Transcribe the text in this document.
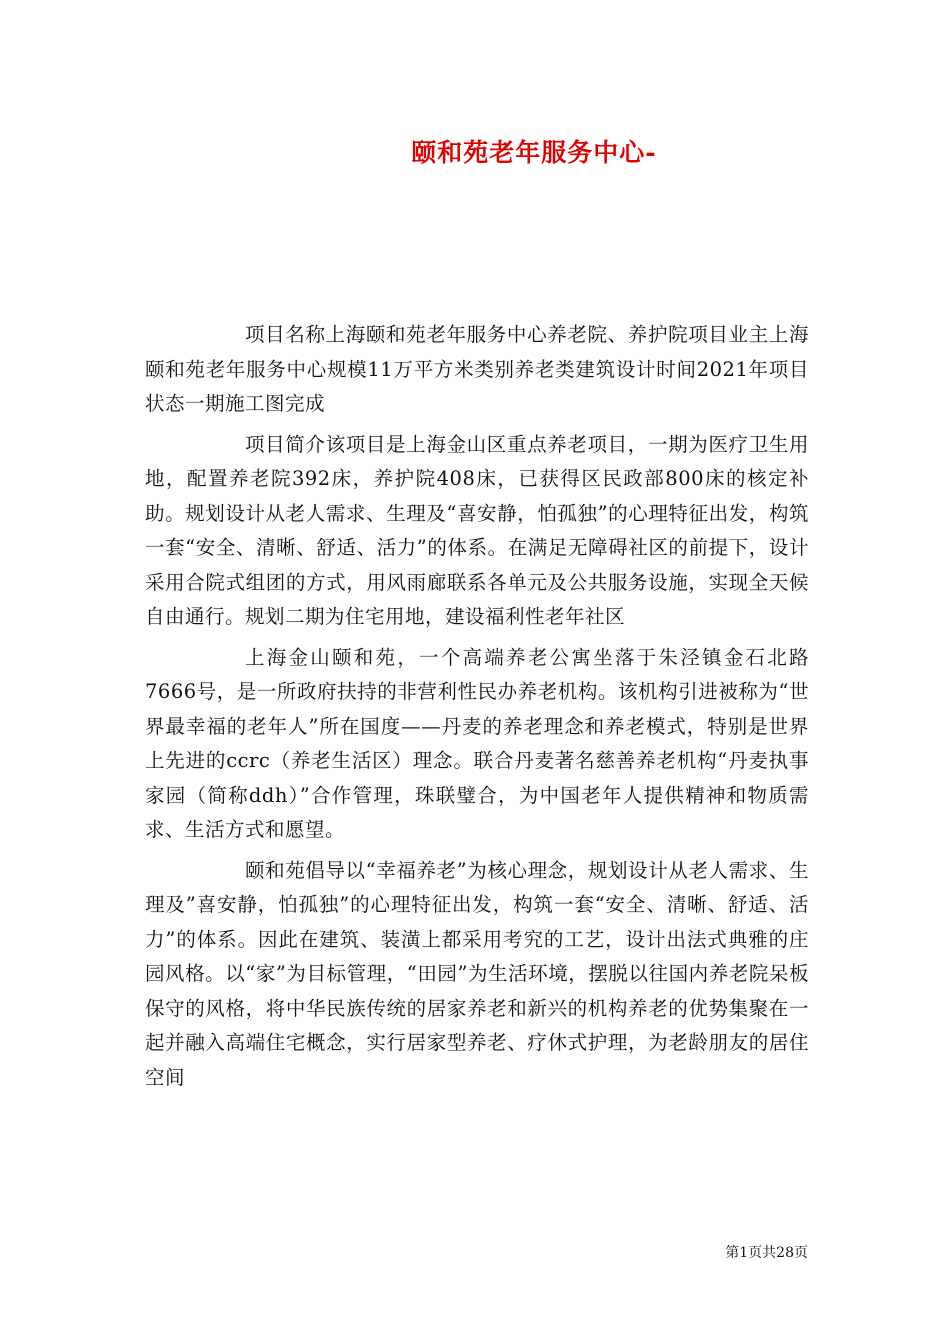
颐和苑老年服务中心-

项目名称上海颐和苑老年服务中心养老院、养护院项目业主上海颐和苑老年服务中心规模11万平方米类别养老类建筑设计时间2021年项目状态一期施工图完成

项目简介该项目是上海金山区重点养老项目，一期为医疗卫生用地，配置养老院392床，养护院408床，已获得区民政部800床的核定补助。规划设计从老人需求、生理及“喜安静，怕孤独”的心理特征出发，构筑一套“安全、清晰、舒适、活力”的体系。在满足无障碍社区的前提下，设计采用合院式组团的方式，用风雨廊联系各单元及公共服务设施，实现全天候自由通行。规划二期为住宅用地，建设福利性老年社区

上海金山颐和苑，一个高端养老公寓坐落于朱泾镇金石北路7666号，是一所政府扶持的非营利性民办养老机构。该机构引进被称为“世界最幸福的老年人”所在国度——丹麦的养老理念和养老模式，特别是世界上先进的ccrc（养老生活区）理念。联合丹麦著名慈善养老机构“丹麦执事家园（简称ddh）”合作管理，珠联璧合，为中国老年人提供精神和物质需求、生活方式和愿望。

颐和苑倡导以“幸福养老”为核心理念，规划设计从老人需求、生理及”喜安静，怕孤独”的心理特征出发，构筑一套“安全、清晰、舒适、活力”的体系。因此在建筑、装潢上都采用考究的工艺，设计出法式典雅的庄园风格。以“家”为目标管理，“田园”为生活环境，摆脱以往国内养老院呆板保守的风格，将中华民族传统的居家养老和新兴的机构养老的优势集聚在一起并融入高端住宅概念，实行居家型养老、疗休式护理，为老龄朋友的居住空间

第1页共28页
